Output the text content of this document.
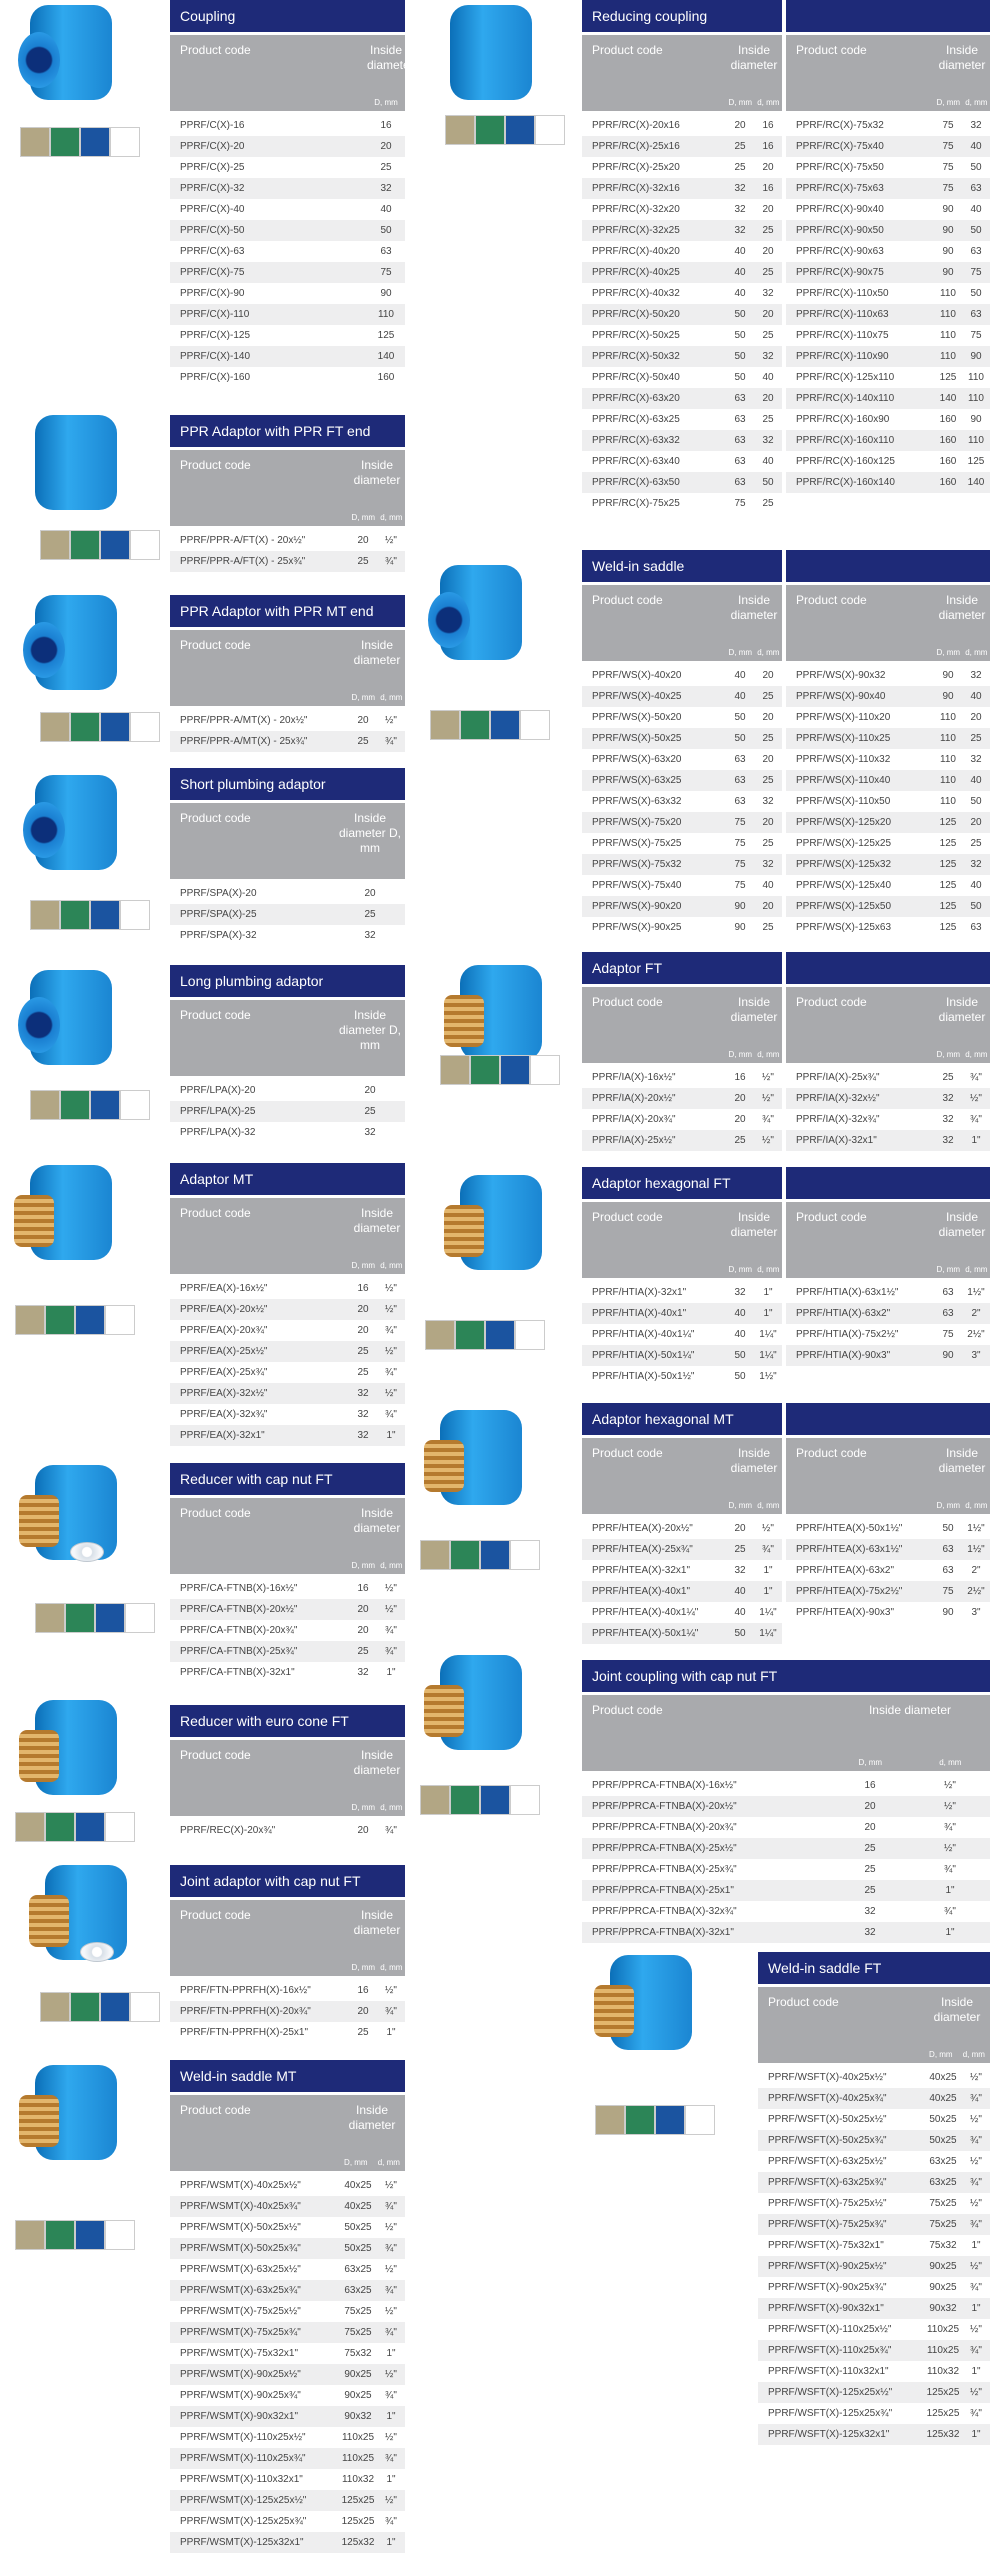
Coupling
Product code	Inside diameter
D, mm
PPRF/C(X)-16	16
PPRF/C(X)-20	20
PPRF/C(X)-25	25
PPRF/C(X)-32	32
PPRF/C(X)-40	40
PPRF/C(X)-50	50
PPRF/C(X)-63	63
PPRF/C(X)-75	75
PPRF/C(X)-90	90
PPRF/C(X)-110	110
PPRF/C(X)-125	125
PPRF/C(X)-140	140
PPRF/C(X)-160	160
PPR Adaptor with PPR FT end
Product code	Inside diameter
D, mm d, mm
PPRF/PPR-A/FT(X) - 20x½"	20	½"
PPRF/PPR-A/FT(X) - 25x¾"	25	¾"
PPR Adaptor with PPR MT end
Product code	Inside diameter
D, mm d, mm
PPRF/PPR-A/MT(X) - 20x½"	20	½"
PPRF/PPR-A/MT(X) - 25x¾"	25	¾"
Short plumbing adaptor
Product code	Inside diameter D, mm
PPRF/SPA(X)-20	20
PPRF/SPA(X)-25	25
PPRF/SPA(X)-32	32
Long plumbing adaptor
Product code	Inside diameter D, mm
PPRF/LPA(X)-20	20
PPRF/LPA(X)-25	25
PPRF/LPA(X)-32	32
Adaptor MT
Product code	Inside diameter
D, mm d, mm
PPRF/EA(X)-16x½"	16	½"
PPRF/EA(X)-20x½"	20	½"
PPRF/EA(X)-20x¾"	20	¾"
PPRF/EA(X)-25x½"	25	½"
PPRF/EA(X)-25x¾"	25	¾"
PPRF/EA(X)-32x½"	32	½"
PPRF/EA(X)-32x¾"	32	¾"
PPRF/EA(X)-32x1"	32	1"
Reducer with cap nut FT
Product code	Inside diameter
D, mm d, mm
PPRF/CA-FTNB(X)-16x½"	16	½"
PPRF/CA-FTNB(X)-20x½"	20	½"
PPRF/CA-FTNB(X)-20x¾"	20	¾"
PPRF/CA-FTNB(X)-25x¾"	25	¾"
PPRF/CA-FTNB(X)-32x1"	32	1"
Reducer with euro cone FT
Product code	Inside diameter
D, mm d, mm
PPRF/REC(X)-20x¾"	20	¾"
Joint adaptor with cap nut FT
Product code	Inside diameter
D, mm d, mm
PPRF/FTN-PPRFH(X)-16x½"	16	½"
PPRF/FTN-PPRFH(X)-20x¾"	20	¾"
PPRF/FTN-PPRFH(X)-25x1"	25	1"
Weld-in saddle MT
Product code	Inside diameter
D, mm d, mm
PPRF/WSMT(X)-40x25x½"	40x25	½"
PPRF/WSMT(X)-40x25x¾"	40x25	¾"
PPRF/WSMT(X)-50x25x½"	50x25	½"
PPRF/WSMT(X)-50x25x¾"	50x25	¾"
PPRF/WSMT(X)-63x25x½"	63x25	½"
PPRF/WSMT(X)-63x25x¾"	63x25	¾"
PPRF/WSMT(X)-75x25x½"	75x25	½"
PPRF/WSMT(X)-75x25x¾"	75x25	¾"
PPRF/WSMT(X)-75x32x1"	75x32	1"
PPRF/WSMT(X)-90x25x½"	90x25	½"
PPRF/WSMT(X)-90x25x¾"	90x25	¾"
PPRF/WSMT(X)-90x32x1"	90x32	1"
PPRF/WSMT(X)-110x25x½"	110x25	½"
PPRF/WSMT(X)-110x25x¾"	110x25	¾"
PPRF/WSMT(X)-110x32x1"	110x32	1"
PPRF/WSMT(X)-125x25x½"	125x25	½"
PPRF/WSMT(X)-125x25x¾"	125x25	¾"
PPRF/WSMT(X)-125x32x1"	125x32	1"
Reducing coupling
Product code	Inside diameter
D, mm d, mm
PPRF/RC(X)-20x16	20	16
PPRF/RC(X)-25x16	25	16
PPRF/RC(X)-25x20	25	20
PPRF/RC(X)-32x16	32	16
PPRF/RC(X)-32x20	32	20
PPRF/RC(X)-32x25	32	25
PPRF/RC(X)-40x20	40	20
PPRF/RC(X)-40x25	40	25
PPRF/RC(X)-40x32	40	32
PPRF/RC(X)-50x20	50	20
PPRF/RC(X)-50x25	50	25
PPRF/RC(X)-50x32	50	32
PPRF/RC(X)-50x40	50	40
PPRF/RC(X)-63x20	63	20
PPRF/RC(X)-63x25	63	25
PPRF/RC(X)-63x32	63	32
PPRF/RC(X)-63x40	63	40
PPRF/RC(X)-63x50	63	50
PPRF/RC(X)-75x25	75	25
Product code	Inside diameter
D, mm d, mm
PPRF/RC(X)-75x32	75	32
PPRF/RC(X)-75x40	75	40
PPRF/RC(X)-75x50	75	50
PPRF/RC(X)-75x63	75	63
PPRF/RC(X)-90x40	90	40
PPRF/RC(X)-90x50	90	50
PPRF/RC(X)-90x63	90	63
PPRF/RC(X)-90x75	90	75
PPRF/RC(X)-110x50	110	50
PPRF/RC(X)-110x63	110	63
PPRF/RC(X)-110x75	110	75
PPRF/RC(X)-110x90	110	90
PPRF/RC(X)-125x110	125	110
PPRF/RC(X)-140x110	140	110
PPRF/RC(X)-160x90	160	90
PPRF/RC(X)-160x110	160	110
PPRF/RC(X)-160x125	160	125
PPRF/RC(X)-160x140	160	140
Weld-in saddle
Product code	Inside diameter
D, mm d, mm
PPRF/WS(X)-40x20	40	20
PPRF/WS(X)-40x25	40	25
PPRF/WS(X)-50x20	50	20
PPRF/WS(X)-50x25	50	25
PPRF/WS(X)-63x20	63	20
PPRF/WS(X)-63x25	63	25
PPRF/WS(X)-63x32	63	32
PPRF/WS(X)-75x20	75	20
PPRF/WS(X)-75x25	75	25
PPRF/WS(X)-75x32	75	32
PPRF/WS(X)-75x40	75	40
PPRF/WS(X)-90x20	90	20
PPRF/WS(X)-90x25	90	25
Product code	Inside diameter
D, mm d, mm
PPRF/WS(X)-90x32	90	32
PPRF/WS(X)-90x40	90	40
PPRF/WS(X)-110x20	110	20
PPRF/WS(X)-110x25	110	25
PPRF/WS(X)-110x32	110	32
PPRF/WS(X)-110x40	110	40
PPRF/WS(X)-110x50	110	50
PPRF/WS(X)-125x20	125	20
PPRF/WS(X)-125x25	125	25
PPRF/WS(X)-125x32	125	32
PPRF/WS(X)-125x40	125	40
PPRF/WS(X)-125x50	125	50
PPRF/WS(X)-125x63	125	63
Adaptor FT
Product code	Inside diameter
D, mm d, mm
PPRF/IA(X)-16x½"	16	½"
PPRF/IA(X)-20x½"	20	½"
PPRF/IA(X)-20x¾"	20	¾"
PPRF/IA(X)-25x½"	25	½"
Product code	Inside diameter
D, mm d, mm
PPRF/IA(X)-25x¾"	25	¾"
PPRF/IA(X)-32x½"	32	½"
PPRF/IA(X)-32x¾"	32	¾"
PPRF/IA(X)-32x1"	32	1"
Adaptor hexagonal FT
Product code	Inside diameter
D, mm d, mm
PPRF/HTIA(X)-32x1"	32	1"
PPRF/HTIA(X)-40x1"	40	1"
PPRF/HTIA(X)-40x1¼"	40	1¼"
PPRF/HTIA(X)-50x1¼"	50	1¼"
PPRF/HTIA(X)-50x1½"	50	1½"
Product code	Inside diameter
D, mm d, mm
PPRF/HTIA(X)-63x1½"	63	1½"
PPRF/HTIA(X)-63x2"	63	2"
PPRF/HTIA(X)-75x2½"	75	2½"
PPRF/HTIA(X)-90x3"	90	3"
Adaptor hexagonal MT
Product code	Inside diameter
D, mm d, mm
PPRF/HTEA(X)-20x½"	20	½"
PPRF/HTEA(X)-25x¾"	25	¾"
PPRF/HTEA(X)-32x1"	32	1"
PPRF/HTEA(X)-40x1"	40	1"
PPRF/HTEA(X)-40x1¼"	40	1¼"
PPRF/HTEA(X)-50x1¼"	50	1¼"
Product code	Inside diameter
D, mm d, mm
PPRF/HTEA(X)-50x1½"	50	1½"
PPRF/HTEA(X)-63x1½"	63	1½"
PPRF/HTEA(X)-63x2"	63	2"
PPRF/HTEA(X)-75x2½"	75	2½"
PPRF/HTEA(X)-90x3"	90	3"
Joint coupling with cap nut FT
Product code	Inside diameter
D, mm	d, mm
PPRF/PPRCA-FTNBA(X)-16x½"	16	½"
PPRF/PPRCA-FTNBA(X)-20x½"	20	½"
PPRF/PPRCA-FTNBA(X)-20x¾"	20	¾"
PPRF/PPRCA-FTNBA(X)-25x½"	25	½"
PPRF/PPRCA-FTNBA(X)-25x¾"	25	¾"
PPRF/PPRCA-FTNBA(X)-25x1"	25	1"
PPRF/PPRCA-FTNBA(X)-32x¾"	32	¾"
PPRF/PPRCA-FTNBA(X)-32x1"	32	1"
Weld-in saddle FT
Product code	Inside diameter
D, mm d, mm
PPRF/WSFT(X)-40x25x½"	40x25	½"
PPRF/WSFT(X)-40x25x¾"	40x25	¾"
PPRF/WSFT(X)-50x25x½"	50x25	½"
PPRF/WSFT(X)-50x25x¾"	50x25	¾"
PPRF/WSFT(X)-63x25x½"	63x25	½"
PPRF/WSFT(X)-63x25x¾"	63x25	¾"
PPRF/WSFT(X)-75x25x½"	75x25	½"
PPRF/WSFT(X)-75x25x¾"	75x25	¾"
PPRF/WSFT(X)-75x32x1"	75x32	1"
PPRF/WSFT(X)-90x25x½"	90x25	½"
PPRF/WSFT(X)-90x25x¾"	90x25	¾"
PPRF/WSFT(X)-90x32x1"	90x32	1"
PPRF/WSFT(X)-110x25x½"	110x25	½"
PPRF/WSFT(X)-110x25x¾"	110x25	¾"
PPRF/WSFT(X)-110x32x1"	110x32	1"
PPRF/WSFT(X)-125x25x½"	125x25	½"
PPRF/WSFT(X)-125x25x¾"	125x25	¾"
PPRF/WSFT(X)-125x32x1"	125x32	1"
